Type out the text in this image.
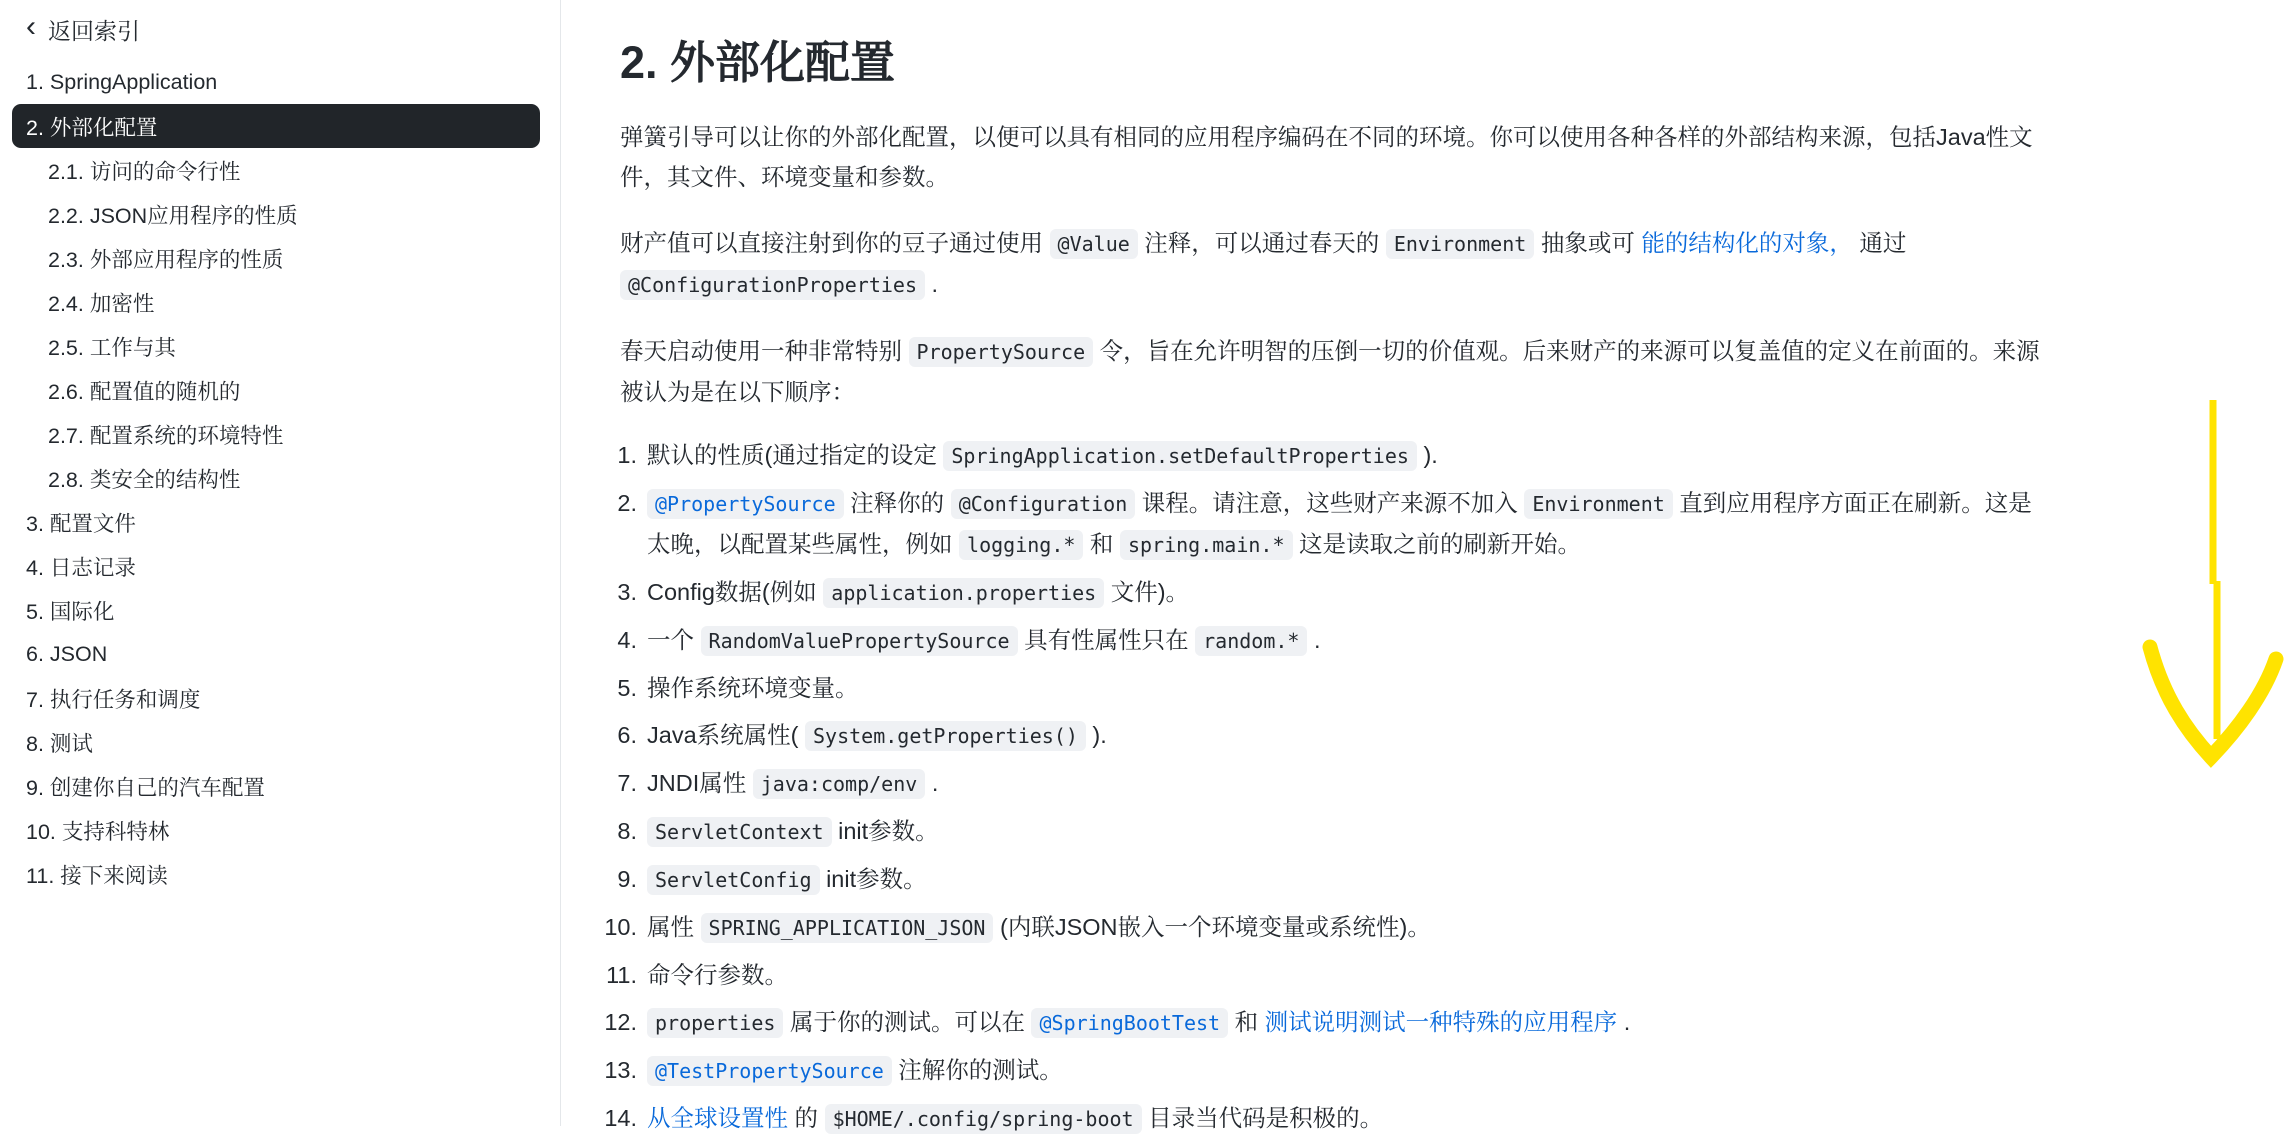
‹ 返回索引
1. SpringApplication
2. 外部化配置
2.1. 访问的命令行性
2.2. JSON应用程序的性质
2.3. 外部应用程序的性质
2.4. 加密性
2.5. 工作与其
2.6. 配置值的随机的
2.7. 配置系统的环境特性
2.8. 类安全的结构性
3. 配置文件
4. 日志记录
5. 国际化
6. JSON
7. 执行任务和调度
8. 测试
9. 创建你自己的汽车配置
10. 支持科特林
11. 接下来阅读
2. 外部化配置
弹簧引导可以让你的外部化配置，以便可以具有相同的应用程序编码在不同的环境。你可以使用各种各样的外部结构来源，包括Java性文件，其文件、环境变量和参数。
财产值可以直接注射到你的豆子通过使用 @Value 注释，可以通过春天的 Environment 抽象或可 能的结构化的对象， 通过 @ConfigurationProperties .
春天启动使用一种非常特别 PropertySource 令，旨在允许明智的压倒一切的价值观。后来财产的来源可以复盖值的定义在前面的。来源被认为是在以下顺序：
1. 默认的性质(通过指定的设定 SpringApplication.setDefaultProperties ).
2. @PropertySource 注释你的 @Configuration 课程。请注意，这些财产来源不加入 Environment 直到应用程序方面正在刷新。这是太晚，以配置某些属性，例如 logging.* 和 spring.main.* 这是读取之前的刷新开始。
3. Config数据(例如 application.properties 文件)。
4. 一个 RandomValuePropertySource 具有性属性只在 random.* .
5. 操作系统环境变量。
6. Java系统属性( System.getProperties() ).
7. JNDI属性 java:comp/env .
8. ServletContext init参数。
9. ServletConfig init参数。
10. 属性 SPRING_APPLICATION_JSON (内联JSON嵌入一个环境变量或系统性)。
11. 命令行参数。
12. properties 属于你的测试。可以在 @SpringBootTest 和 测试说明测试一种特殊的应用程序 .
13. @TestPropertySource 注解你的测试。
14. 从全球设置性 的 $HOME/.config/spring-boot 目录当代码是积极的。
